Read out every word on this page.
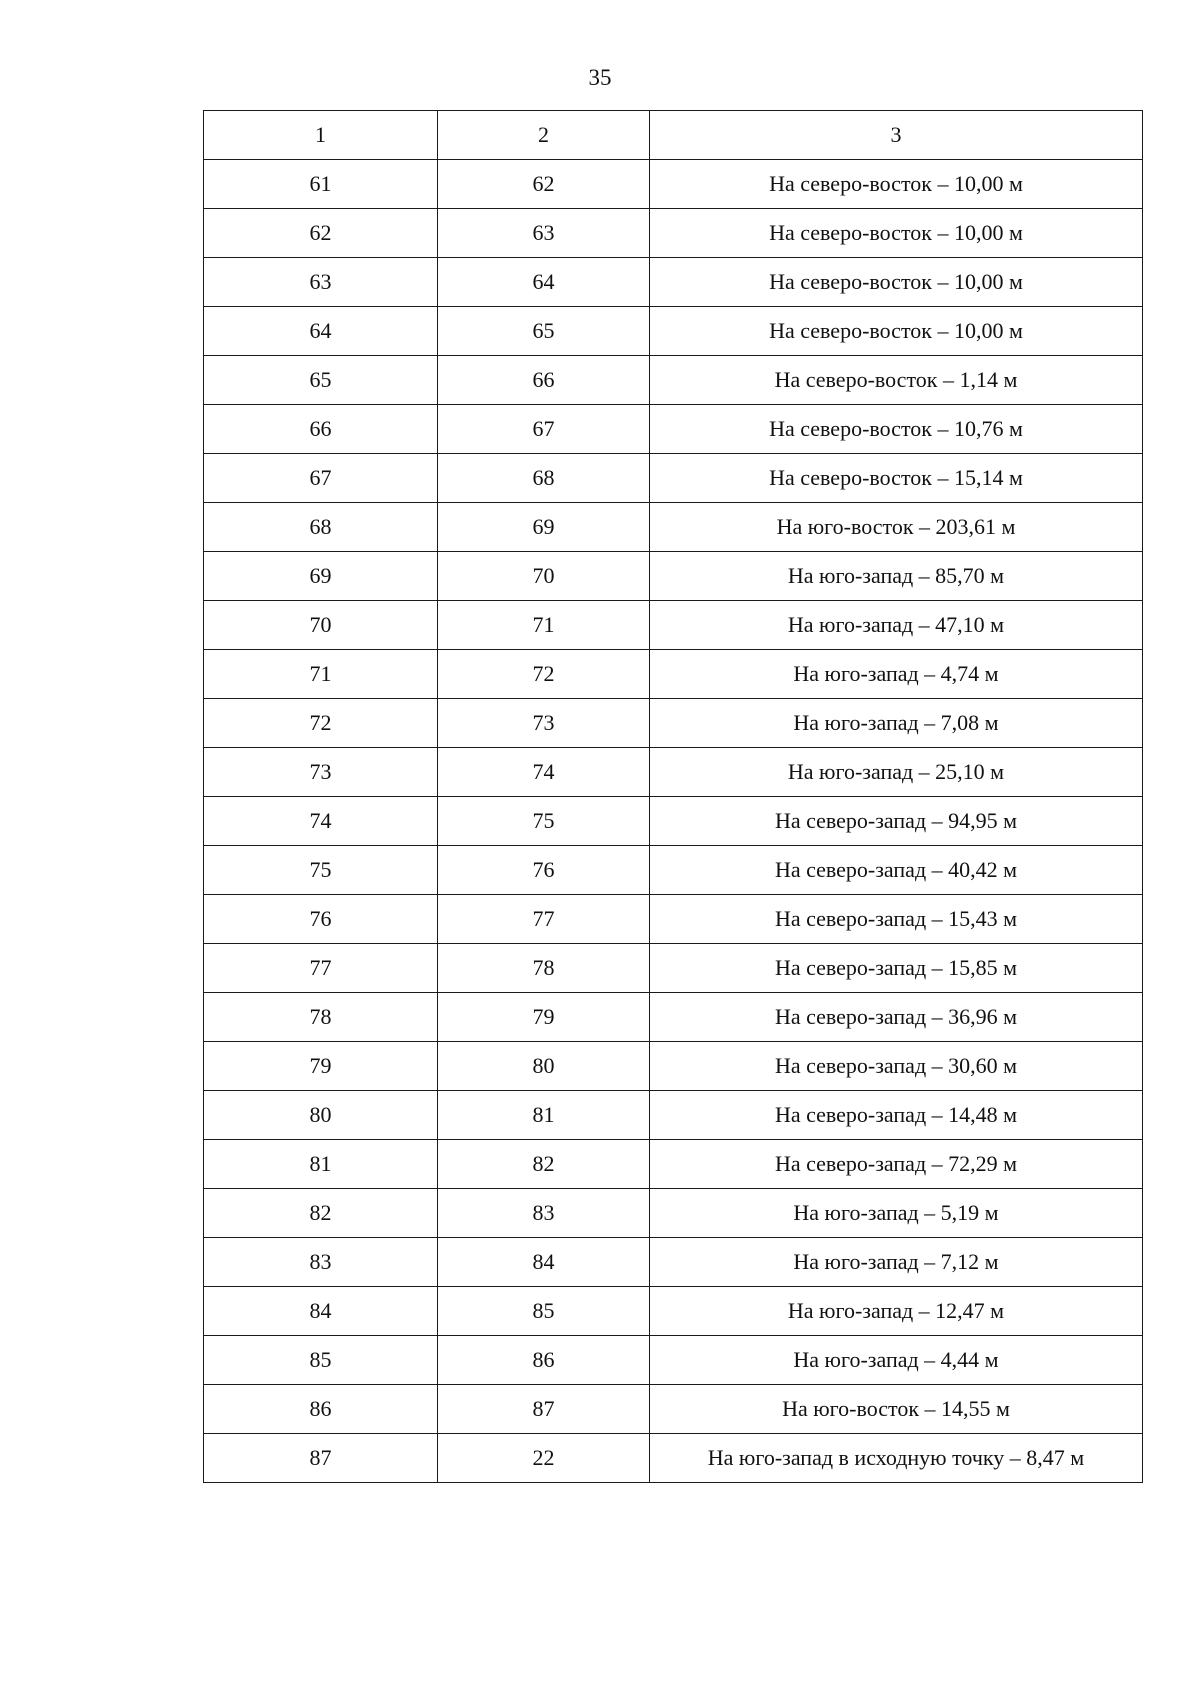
35
1	2	3
61	62	На северо-восток – 10,00 м
62	63	На северо-восток – 10,00 м
63	64	На северо-восток – 10,00 м
64	65	На северо-восток – 10,00 м
65	66	На северо-восток – 1,14 м
66	67	На северо-восток – 10,76 м
67	68	На северо-восток – 15,14 м
68	69	На юго-восток – 203,61 м
69	70	На юго-запад – 85,70 м
70	71	На юго-запад – 47,10 м
71	72	На юго-запад – 4,74 м
72	73	На юго-запад – 7,08 м
73	74	На юго-запад – 25,10 м
74	75	На северо-запад – 94,95 м
75	76	На северо-запад – 40,42 м
76	77	На северо-запад – 15,43 м
77	78	На северо-запад – 15,85 м
78	79	На северо-запад – 36,96 м
79	80	На северо-запад – 30,60 м
80	81	На северо-запад – 14,48 м
81	82	На северо-запад – 72,29 м
82	83	На юго-запад – 5,19 м
83	84	На юго-запад – 7,12 м
84	85	На юго-запад – 12,47 м
85	86	На юго-запад – 4,44 м
86	87	На юго-восток – 14,55 м
87	22	На юго-запад в исходную точку – 8,47 м
